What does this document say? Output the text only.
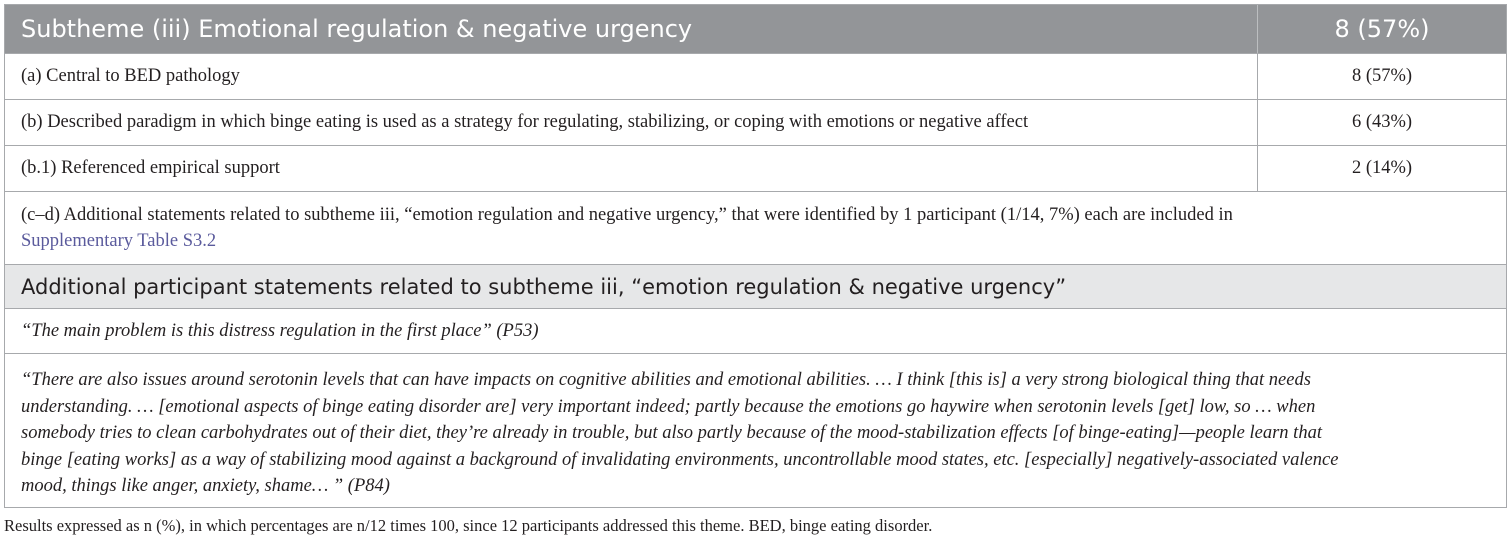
Subtheme (iii) Emotional regulation & negative urgency	8 (57%)
(a) Central to BED pathology	8 (57%)
(b) Described paradigm in which binge eating is used as a strategy for regulating, stabilizing, or coping with emotions or negative affect	6 (43%)
(b.1) Referenced empirical support	2 (14%)
(c–d) Additional statements related to subtheme iii, “emotion regulation and negative urgency,” that were identified by 1 participant (1/14, 7%) each are included in
Supplementary Table S3.2
Additional participant statements related to subtheme iii, “emotion regulation & negative urgency”
“The main problem is this distress regulation in the first place” (P53)
“There are also issues around serotonin levels that can have impacts on cognitive abilities and emotional abilities. … I think [this is] a very strong biological thing that needs
understanding. … [emotional aspects of binge eating disorder are] very important indeed; partly because the emotions go haywire when serotonin levels [get] low, so … when
somebody tries to clean carbohydrates out of their diet, they’re already in trouble, but also partly because of the mood-stabilization effects [of binge-eating]—people learn that
binge [eating works] as a way of stabilizing mood against a background of invalidating environments, uncontrollable mood states, etc. [especially] negatively-associated valence
mood, things like anger, anxiety, shame… ” (P84)
Results expressed as n (%), in which percentages are n/12 times 100, since 12 participants addressed this theme. BED, binge eating disorder.
